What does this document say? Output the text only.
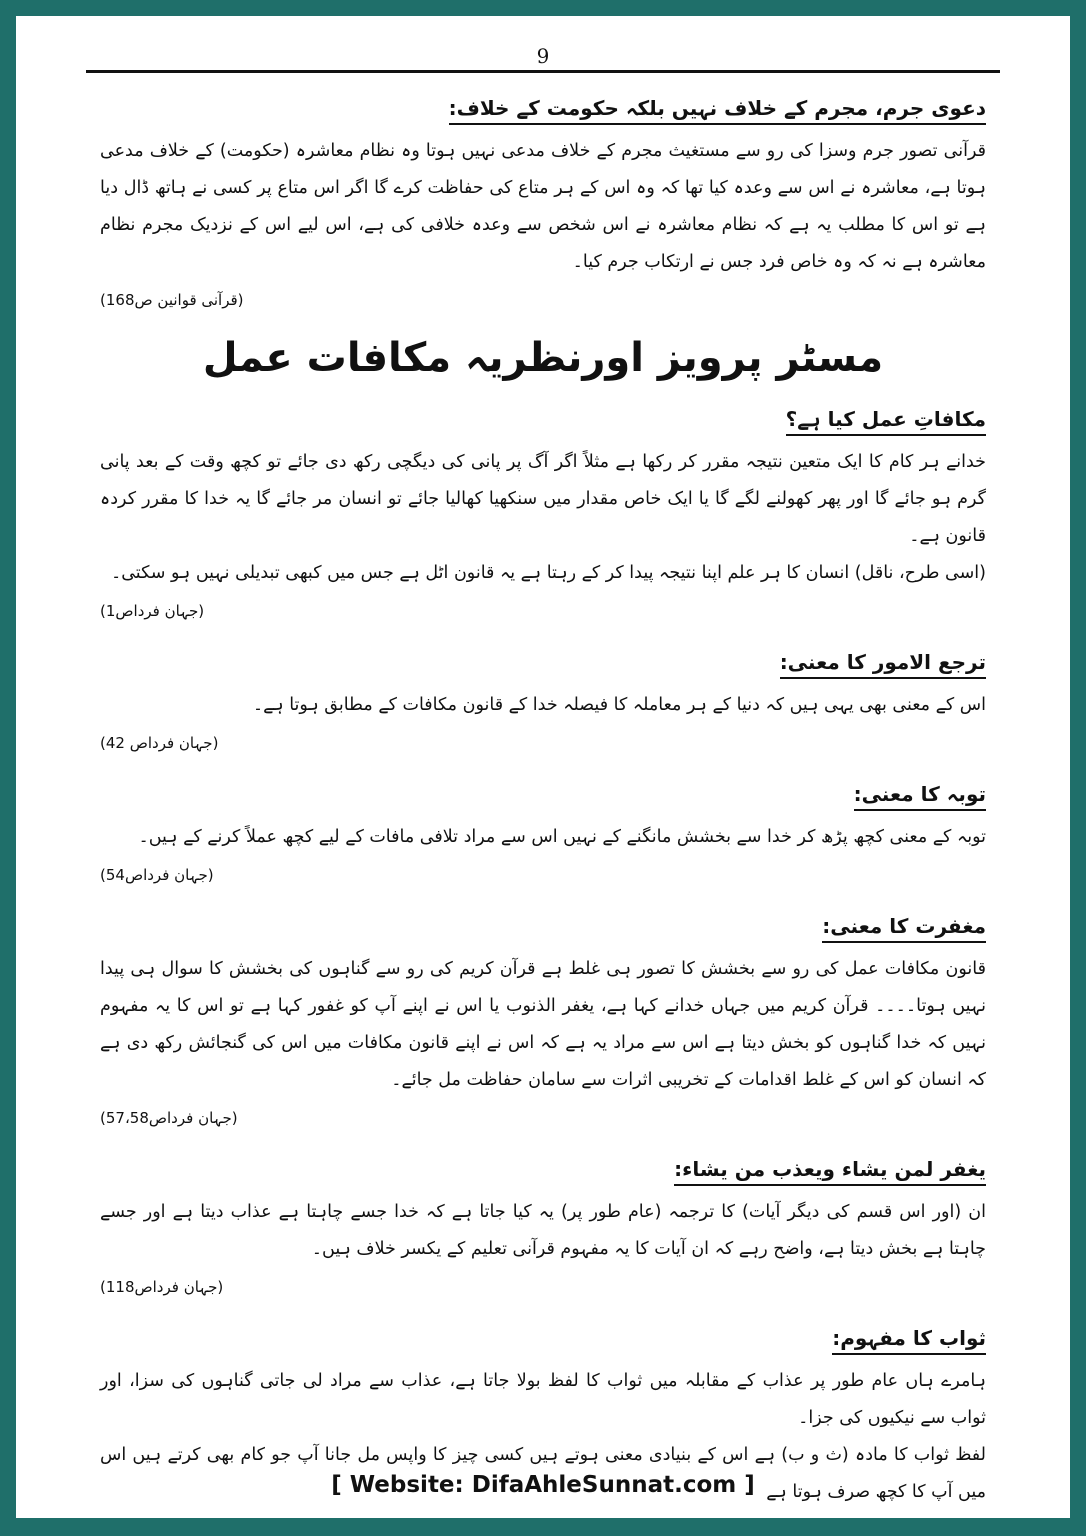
9
دعوی جرم، مجرم کے خلاف نہیں بلکہ حکومت کے خلاف:

قرآنی تصور جرم وسزا کی رو سے مستغیث مجرم کے خلاف مدعی نہیں ہوتا وہ نظام معاشرہ (حکومت) کے خلاف مدعی ہوتا ہے، معاشرہ نے اس سے وعدہ کیا تھا کہ وہ اس کے ہر متاع کی حفاظت کرے گا اگر اس متاع پر کسی نے ہاتھ ڈال دیا ہے تو اس کا مطلب یہ ہے کہ نظام معاشرہ نے اس شخص سے وعدہ خلافی کی ہے، اس لیے اس کے نزدیک مجرم نظام معاشرہ ہے نہ کہ وہ خاص فرد جس نے ارتکاب جرم کیا۔

(قرآنی قوانین ص168)
مسٹر پرویز اورنظریہ مکافات عمل
مکافاتِ عمل کیا ہے؟

خدانے ہر کام کا ایک متعین نتیجہ مقرر کر رکھا ہے مثلاً اگر آگ پر پانی کی دیگچی رکھ دی جائے تو کچھ وقت کے بعد پانی گرم ہو جائے گا اور پھر کھولنے لگے گا یا ایک خاص مقدار میں سنکھیا کھالیا جائے تو انسان مر جائے گا یہ خدا کا مقرر کردہ قانون ہے۔

(اسی طرح، ناقل) انسان کا ہر علم اپنا نتیجہ پیدا کر کے رہتا ہے یہ قانون اٹل ہے جس میں کبھی تبدیلی نہیں ہو سکتی۔

(جہان فرداص1)
ترجع الامور کا معنی:

اس کے معنی بھی یہی ہیں کہ دنیا کے ہر معاملہ کا فیصلہ خدا کے قانون مکافات کے مطابق ہوتا ہے۔

(جہان فرداص 42)
توبہ کا معنی:

توبہ کے معنی کچھ پڑھ کر خدا سے بخشش مانگنے کے نہیں اس سے مراد تلافی مافات کے لیے کچھ عملاً کرنے کے ہیں۔

(جہان فرداص54)
مغفرت کا معنی:

قانون مکافات عمل کی رو سے بخشش کا تصور ہی غلط ہے قرآن کریم کی رو سے گناہوں کی بخشش کا سوال ہی پیدا نہیں ہوتا۔۔۔۔ قرآن کریم میں جہاں خدانے کہا ہے، یغفر الذنوب یا اس نے اپنے آپ کو غفور کہا ہے تو اس کا یہ مفہوم نہیں کہ خدا گناہوں کو بخش دیتا ہے اس سے مراد یہ ہے کہ اس نے اپنے قانون مکافات میں اس کی گنجائش رکھ دی ہے کہ انسان کو اس کے غلط اقدامات کے تخریبی اثرات سے سامان حفاظت مل جائے۔

(جہان فرداص57،58)
یغفر لمن یشاء ویعذب من یشاء:

ان (اور اس قسم کی دیگر آیات) کا ترجمہ (عام طور پر) یہ کیا جاتا ہے کہ خدا جسے چاہتا ہے عذاب دیتا ہے اور جسے چاہتا ہے بخش دیتا ہے، واضح رہے کہ ان آیات کا یہ مفہوم قرآنی تعلیم کے یکسر خلاف ہیں۔

(جہان فرداص118)
ثواب کا مفہوم:

ہامرے ہاں عام طور پر عذاب کے مقابلہ میں ثواب کا لفظ بولا جاتا ہے، عذاب سے مراد لی جاتی گناہوں کی سزا، اور ثواب سے نیکیوں کی جزا۔

لفظ ثواب کا مادہ (ث و ب) ہے اس کے بنیادی معنی ہوتے ہیں کسی چیز کا واپس مل جانا آپ جو کام بھی کرتے ہیں اس میں آپ کا کچھ صرف ہوتا ہے

[ Website: DifaAhleSunnat.com ]
